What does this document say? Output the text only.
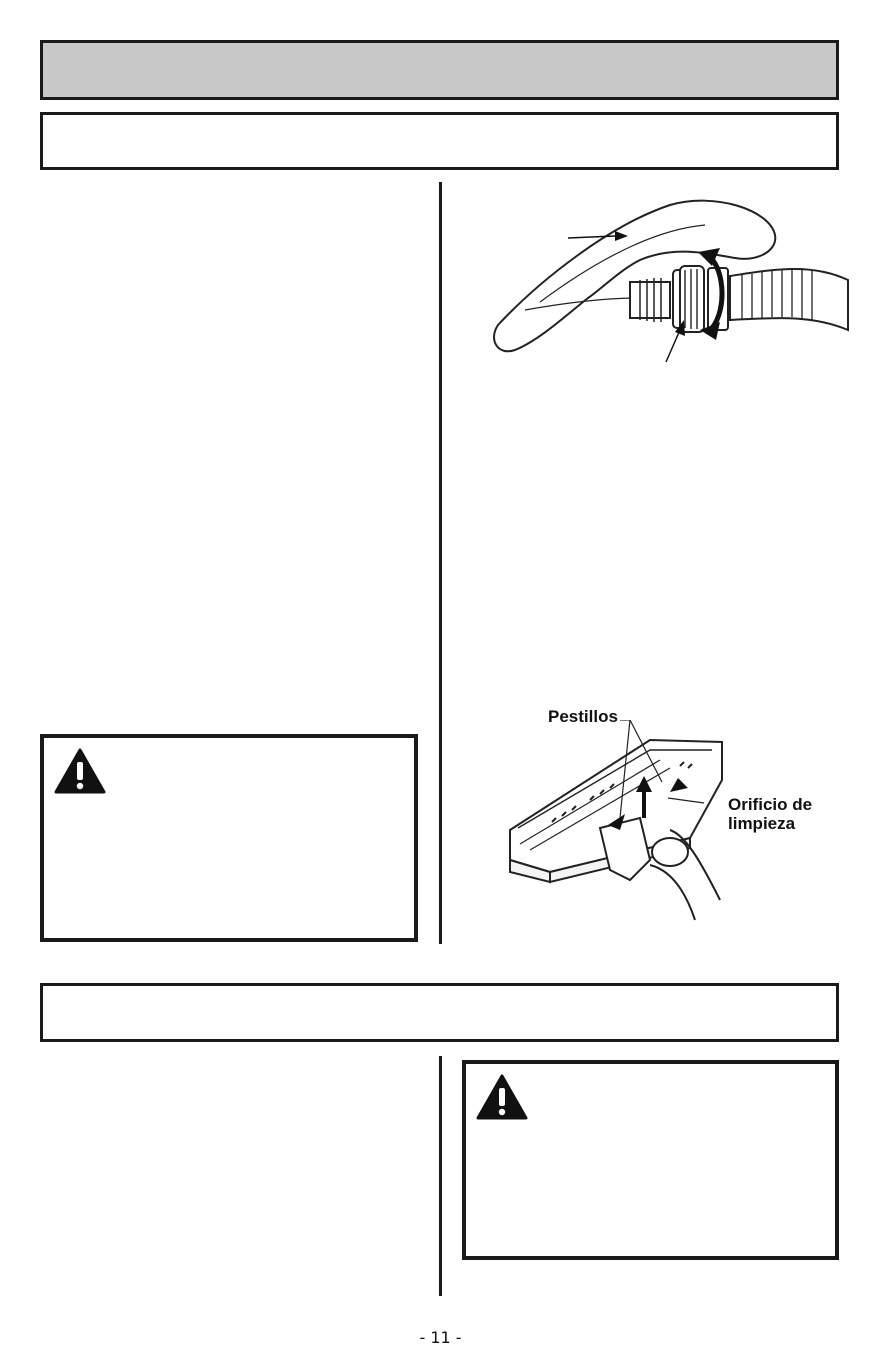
Pestillos
Orificio de
limpieza
- 11 -
